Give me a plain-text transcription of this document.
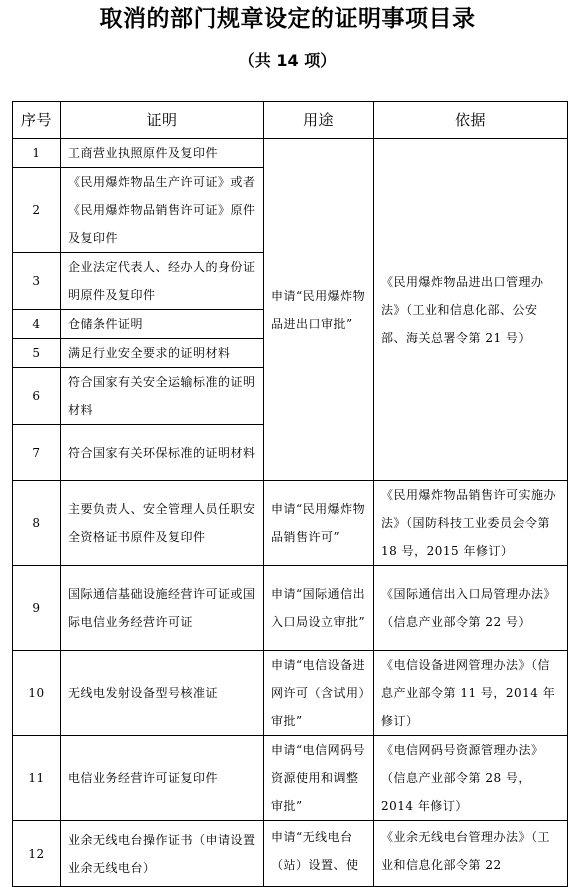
取消的部门规章设定的证明事项目录
（共 14 项）
序号	证明	用途	依据
1	工商营业执照原件及复印件	申请“民用爆炸物品进出口审批”	《民用爆炸物品进出口管理办法》（工业和信息化部、公安部、海关总署令第 21 号）
2	《民用爆炸物品生产许可证》或者《民用爆炸物品销售许可证》原件及复印件		
3	企业法定代表人、经办人的身份证明原件及复印件		
4	仓储条件证明		
5	满足行业安全要求的证明材料		
6	符合国家有关安全运输标准的证明材料		
7	符合国家有关环保标准的证明材料		
8	主要负责人、安全管理人员任职安全资格证书原件及复印件	申请“民用爆炸物品销售许可”	《民用爆炸物品销售许可实施办法》（国防科技工业委员会令第 18 号，2015 年修订）
9	国际通信基础设施经营许可证或国际电信业务经营许可证	申请“国际通信出入口局设立审批”	《国际通信出入口局管理办法》（信息产业部令第 22 号）
10	无线电发射设备型号核准证	申请“电信设备进网许可（含试用）审批”	《电信设备进网管理办法》（信息产业部令第 11 号，2014 年修订）
11	电信业务经营许可证复印件	申请“电信网码号资源使用和调整审批”	《电信网码号资源管理办法》（信息产业部令第 28 号，2014 年修订）
12	业余无线电台操作证书（申请设置业余无线电台）	申请“无线电台（站）设置、使	《业余无线电台管理办法》（工业和信息化部令第 22
